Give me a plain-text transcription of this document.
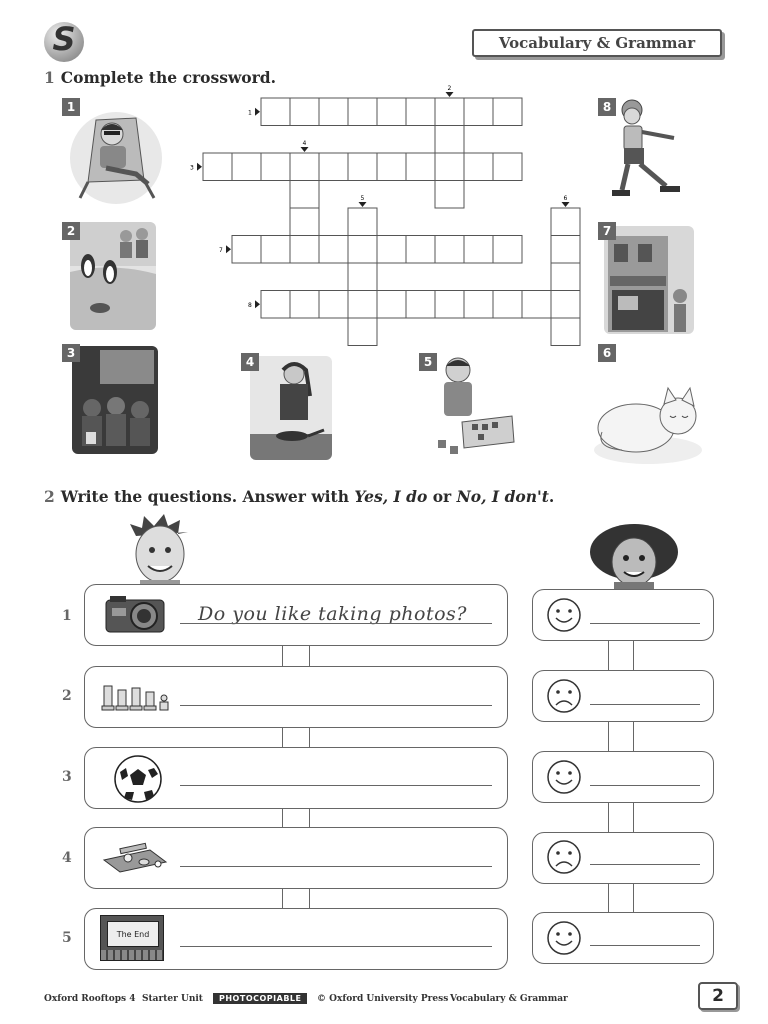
S	Vocabulary & Grammar
1 Complete the crossword.
1
2
3
4	5
6
7
8
1
3
7
8
2
4
5	6
2 Write the questions. Answer with Yes, I do or No, I don't.
1	Do you like taking photos?
2
3
4
5	The End
Oxford Rooftops 4 Starter Unit	PHOTOCOPIABLE	© Oxford University Press Vocabulary & Grammar	2
